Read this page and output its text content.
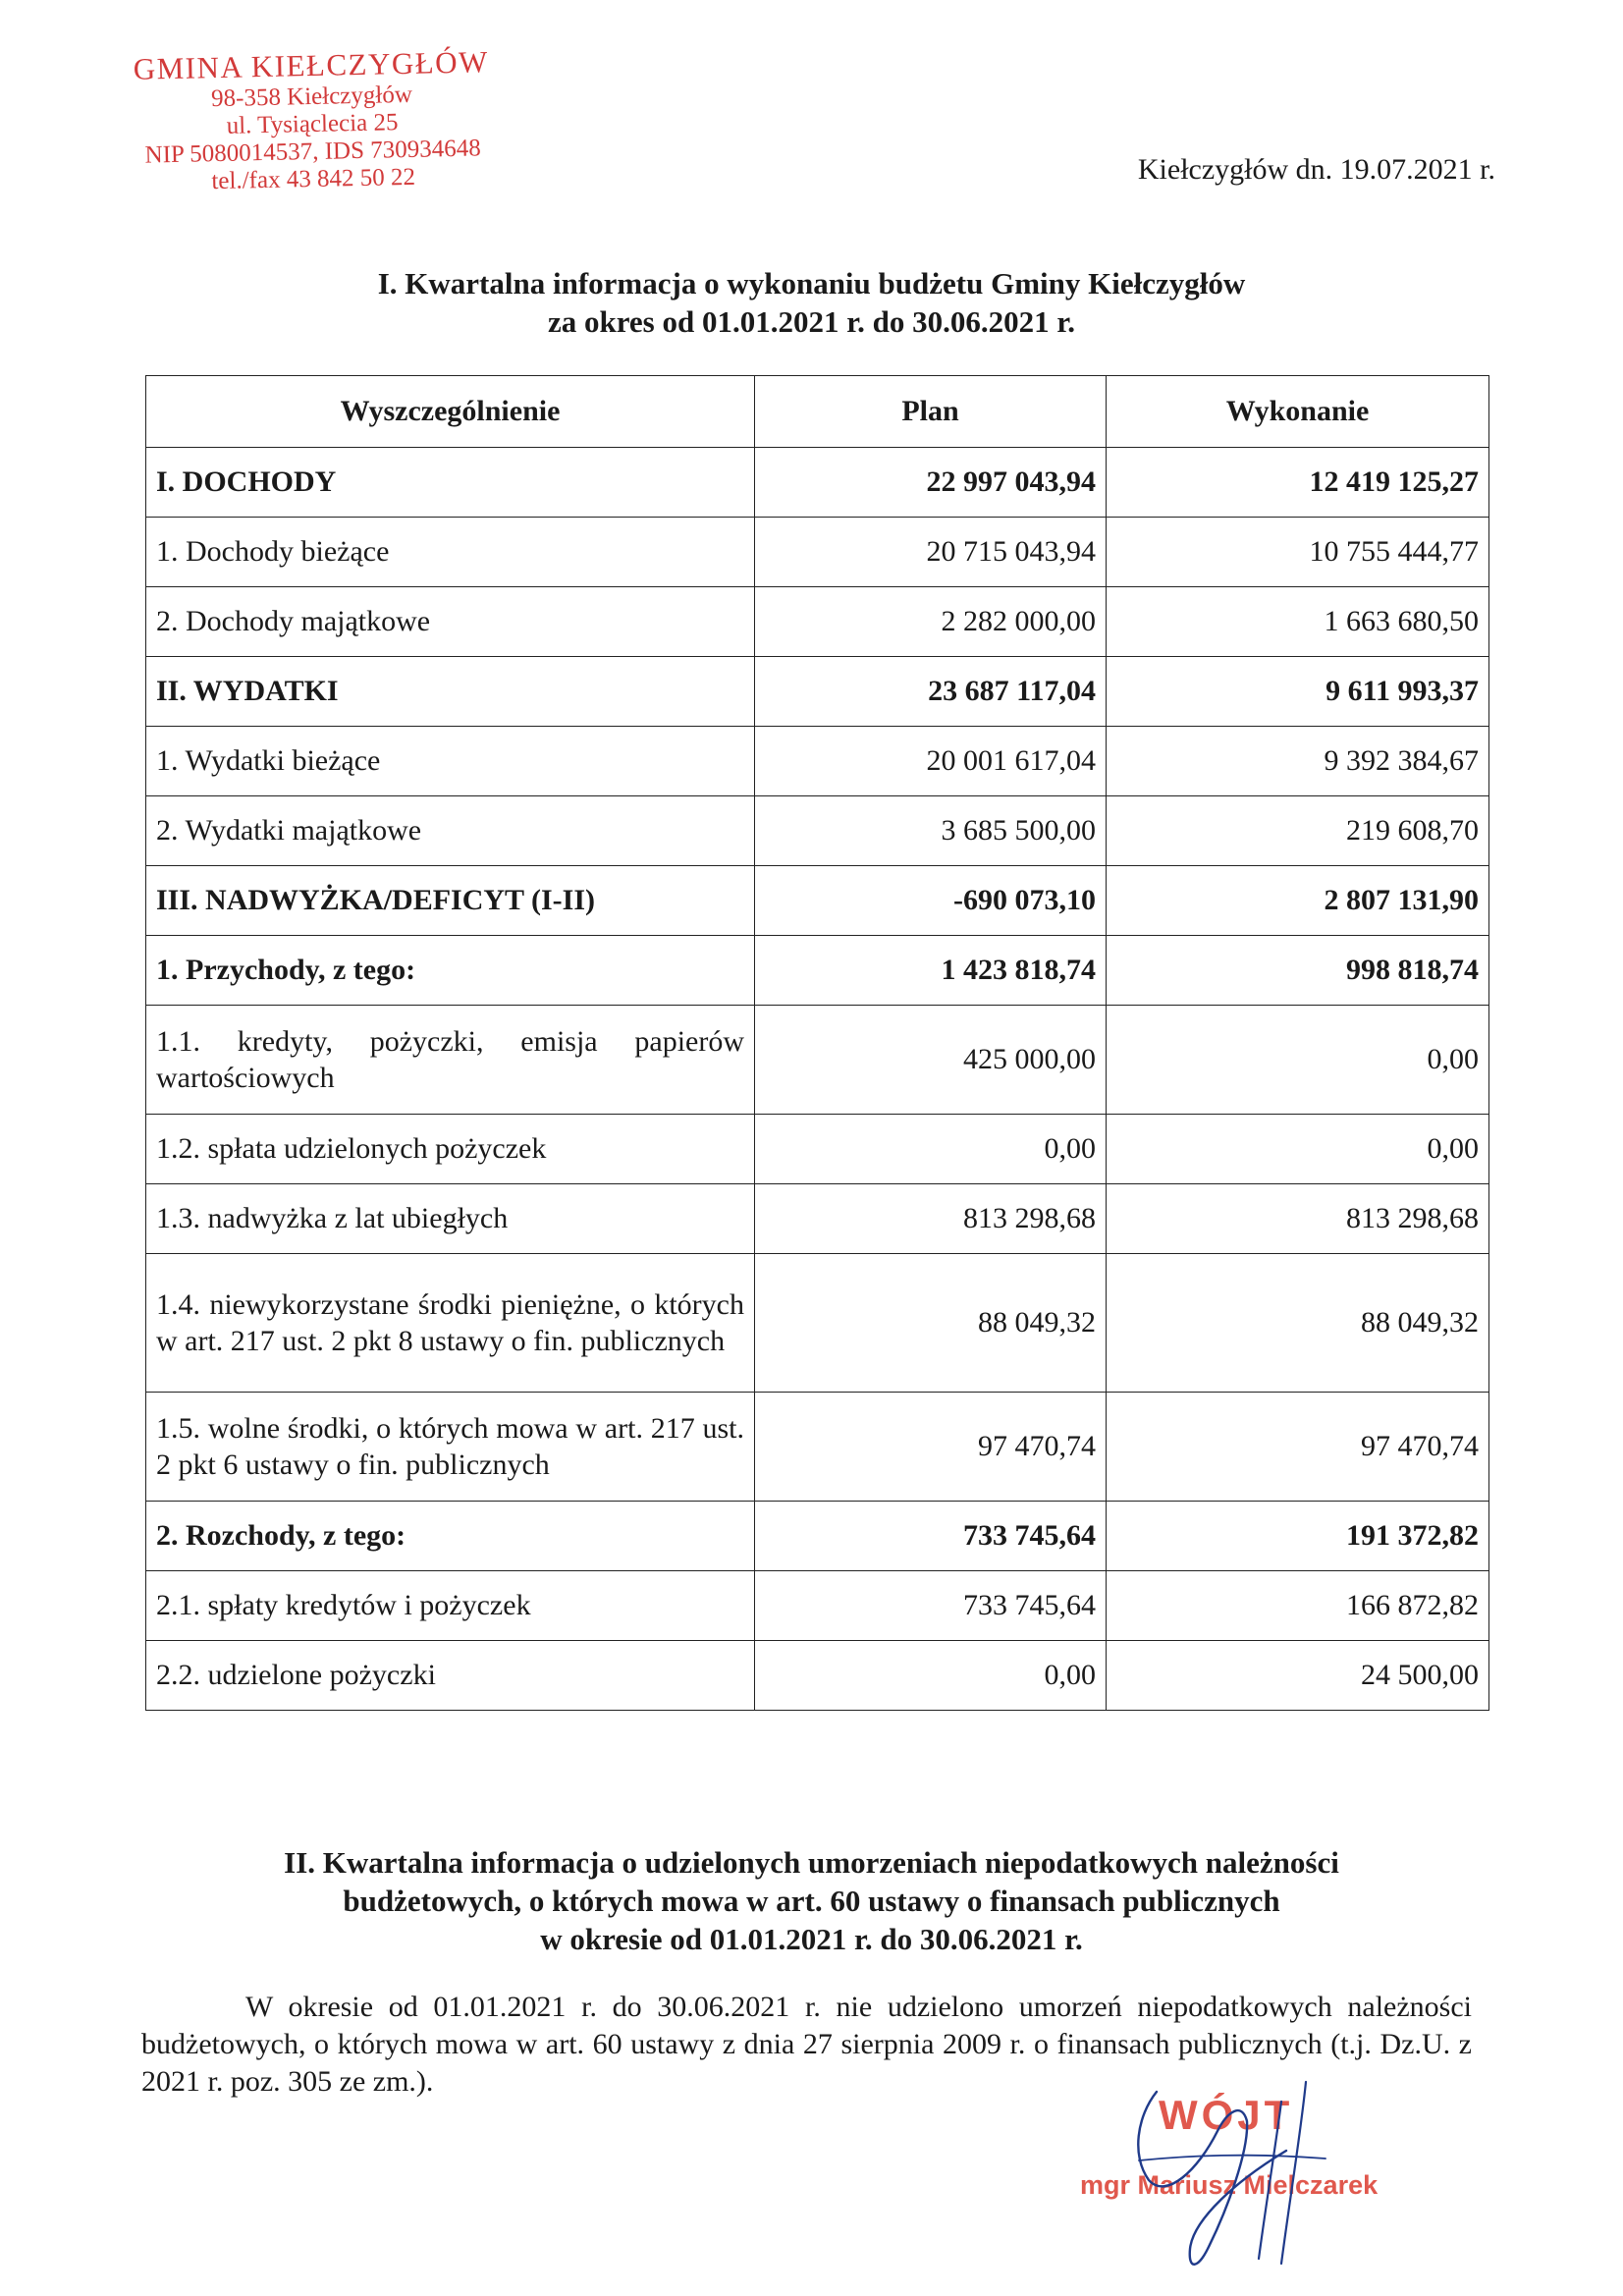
GMINA KIEŁCZYGŁÓW
98-358 Kiełczygłów
ul. Tysiąclecia 25
NIP 5080014537, IDS 730934648
tel./fax 43 842 50 22	Kiełczygłów dn. 19.07.2021 r.
I. Kwartalna informacja o wykonaniu budżetu Gminy Kiełczygłów
za okres od 01.01.2021 r. do 30.06.2021 r.
Wyszczególnienie	Plan	Wykonanie
I. DOCHODY	22 997 043,94	12 419 125,27
1. Dochody bieżące	20 715 043,94	10 755 444,77
2. Dochody majątkowe	2 282 000,00	1 663 680,50
II. WYDATKI	23 687 117,04	9 611 993,37
1. Wydatki bieżące	20 001 617,04	9 392 384,67
2. Wydatki majątkowe	3 685 500,00	219 608,70
III. NADWYŻKA/DEFICYT (I-II)	-690 073,10	2 807 131,90
1. Przychody, z tego:	1 423 818,74	998 818,74
1.1. kredyty, pożyczki, emisja papierów wartościowych	425 000,00	0,00
1.2. spłata udzielonych pożyczek	0,00	0,00
1.3. nadwyżka z lat ubiegłych	813 298,68	813 298,68
1.4. niewykorzystane środki pieniężne, o których w art. 217 ust. 2 pkt 8 ustawy o fin. publicznych	88 049,32	88 049,32
1.5. wolne środki, o których mowa w art. 217 ust. 2 pkt 6 ustawy o fin. publicznych	97 470,74	97 470,74
2. Rozchody, z tego:	733 745,64	191 372,82
2.1. spłaty kredytów i pożyczek	733 745,64	166 872,82
2.2. udzielone pożyczki	0,00	24 500,00
II. Kwartalna informacja o udzielonych umorzeniach niepodatkowych należności
budżetowych, o których mowa w art. 60 ustawy o finansach publicznych
w okresie od 01.01.2021 r. do 30.06.2021 r.
W okresie od 01.01.2021 r. do 30.06.2021 r. nie udzielono umorzeń niepodatkowych należności budżetowych, o których mowa w art. 60 ustawy z dnia 27 sierpnia 2009 r. o finansach publicznych (t.j. Dz.U. z 2021 r. poz. 305 ze zm.).
WÓJT
mgr Mariusz Mielczarek
